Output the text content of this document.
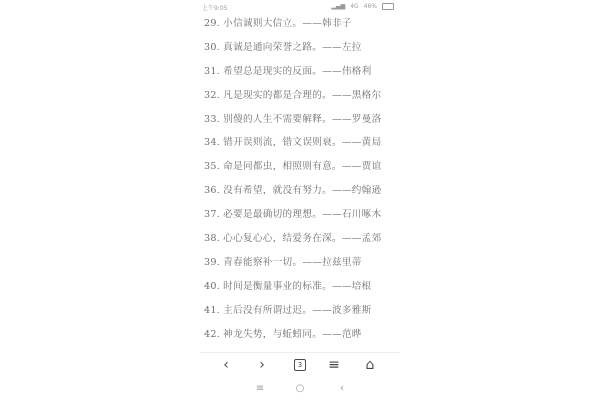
上午9:05	▂▄▆ 4G 46%
29. 小信诚则大信立。——韩非子
30. 真诚是通向荣誉之路。——左拉
31. 希望总是现实的反面。——伟格利
32. 凡是现实的都是合理的。——黑格尔
33. 别傻的人生不需要解释。——罗曼洛
34. 错开误则流，错文误则衰。——黄局
35. 命是同都虫，相照则有意。——贾谊
36. 没有希望，就没有努力。——约翰逊
37. 必要是最确切的理想。——石川啄木
38. 心心复心心，结爱务在深。——孟郊
39. 青春能察补一切。——拉兹里蒂
40. 时间是衡量事业的标准。——培根
41. 主后没有所谓过迟。——波多雅斯
42. 神龙失势，与蚯蚓同。——范晔
‹ ›	3 ≡ ⌂
≡	○	‹
